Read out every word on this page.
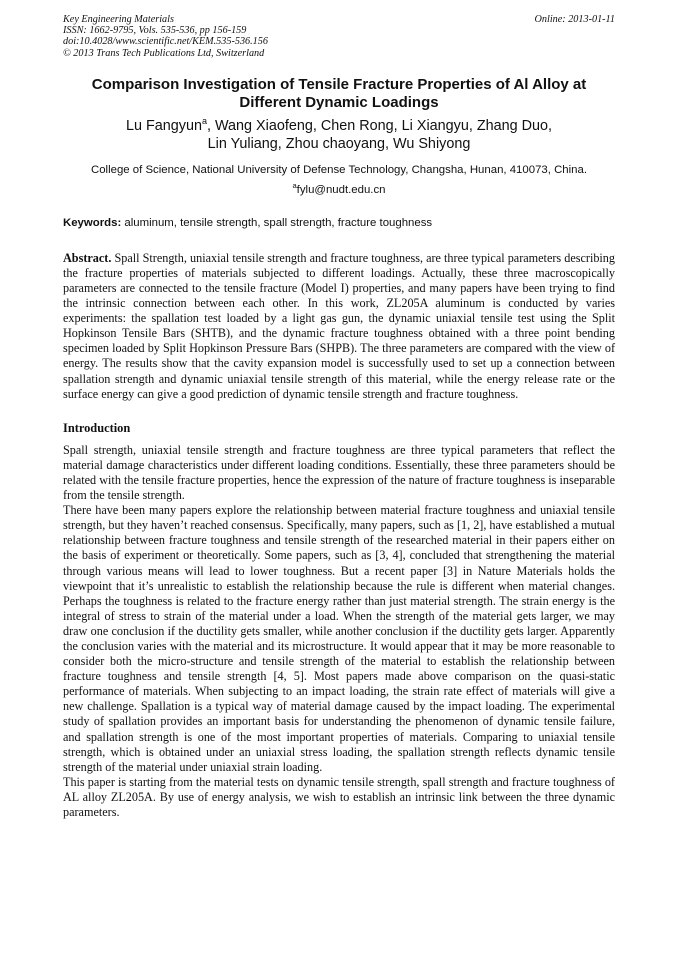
Key Engineering Materials
ISSN: 1662-9795, Vols. 535-536, pp 156-159
doi:10.4028/www.scientific.net/KEM.535-536.156
© 2013 Trans Tech Publications Ltd, Switzerland
Online: 2013-01-11
Comparison Investigation of Tensile Fracture Properties of Al Alloy at
Different Dynamic Loadings
Lu Fangyun$^a$, Wang Xiaofeng, Chen Rong, Li Xiangyu, Zhang Duo,
Lin Yuliang, Zhou chaoyang, Wu Shiyong
College of Science, National University of Defense Technology, Changsha, Hunan, 410073, China.
$^a$fylu@nudt.edu.cn
Keywords: aluminum, tensile strength, spall strength, fracture toughness
Abstract. Spall Strength, uniaxial tensile strength and fracture toughness, are three typical parameters describing the fracture properties of materials subjected to different loadings. Actually, these three macroscopically parameters are connected to the tensile fracture (Model I) properties, and many papers have been trying to find the intrinsic connection between each other. In this work, ZL205A aluminum is conducted by varies experiments: the spallation test loaded by a light gas gun, the dynamic uniaxial tensile test using the Split Hopkinson Tensile Bars (SHTB), and the dynamic fracture toughness obtained with a three point bending specimen loaded by Split Hopkinson Pressure Bars (SHPB). The three parameters are compared with the view of energy. The results show that the cavity expansion model is successfully used to set up a connection between spallation strength and dynamic uniaxial tensile strength of this material, while the energy release rate or the surface energy can give a good prediction of dynamic tensile strength and fracture toughness.
Introduction

Spall strength, uniaxial tensile strength and fracture toughness are three typical parameters that reflect the material damage characteristics under different loading conditions. Essentially, these three parameters should be related with the tensile fracture properties, hence the expression of the nature of fracture toughness is inseparable from the tensile strength.

There have been many papers explore the relationship between material fracture toughness and uniaxial tensile strength, but they haven’t reached consensus. Specifically, many papers, such as [1, 2], have established a mutual relationship between fracture toughness and tensile strength of the researched material in their papers either on the basis of experiment or theoretically. Some papers, such as [3, 4], concluded that strengthening the material through various means will lead to lower toughness. But a recent paper [3] in Nature Materials holds the viewpoint that it’s unrealistic to establish the relationship because the rule is different when material changes. Perhaps the toughness is related to the fracture energy rather than just material strength. The strain energy is the integral of stress to strain of the material under a load. When the strength of the material gets larger, we may draw one conclusion if the ductility gets smaller, while another conclusion if the ductility gets larger. Apparently the conclusion varies with the material and its microstructure. It would appear that it may be more reasonable to consider both the micro-structure and tensile strength of the material to establish the relationship between fracture toughness and tensile strength [4, 5]. Most papers made above comparison on the quasi-static performance of materials. When subjecting to an impact loading, the strain rate effect of materials will give a new challenge. Spallation is a typical way of material damage caused by the impact loading. The experimental study of spallation provides an important basis for understanding the phenomenon of dynamic tensile failure, and spallation strength is one of the most important properties of materials. Comparing to uniaxial tensile strength, which is obtained under an uniaxial stress loading, the spallation strength reflects dynamic tensile strength of the material under uniaxial strain loading.

This paper is starting from the material tests on dynamic tensile strength, spall strength and fracture toughness of AL alloy ZL205A. By use of energy analysis, we wish to establish an intrinsic link between the three dynamic parameters.
